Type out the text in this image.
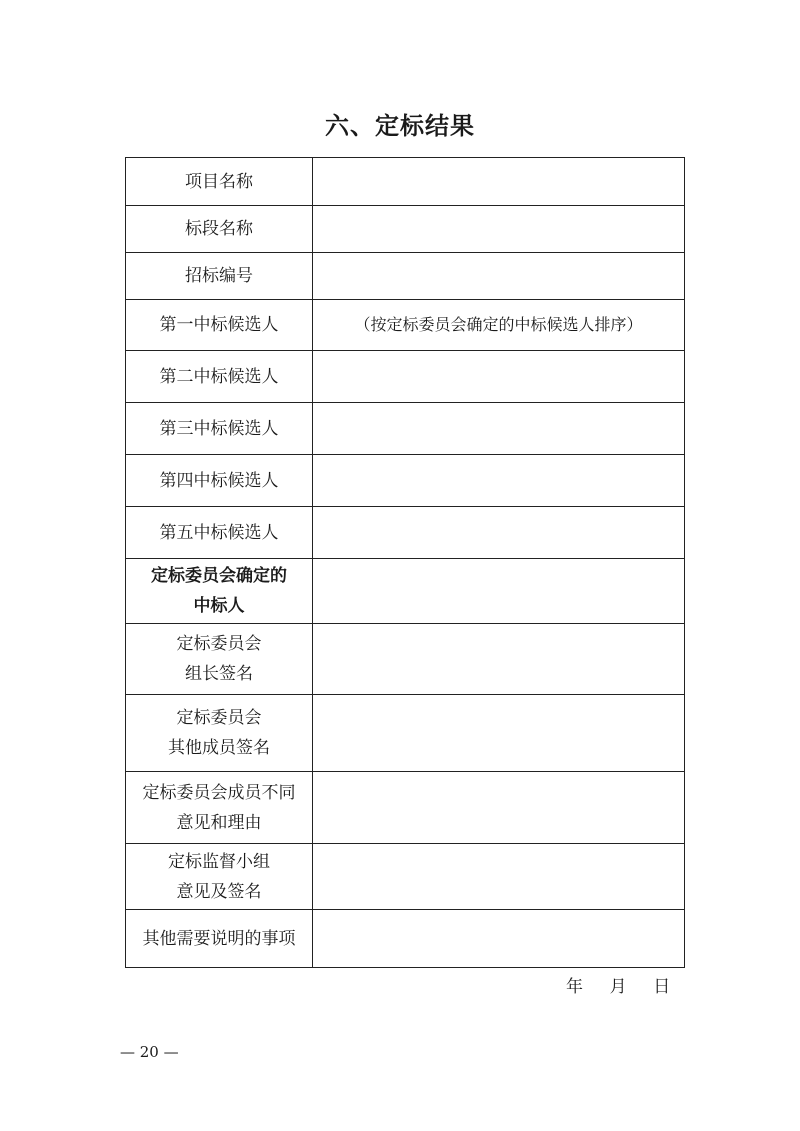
六、定标结果
项目名称	
标段名称	
招标编号	
第一中标候选人	（按定标委员会确定的中标候选人排序）
第二中标候选人	
第三中标候选人	
第四中标候选人	
第五中标候选人	

定标委员会确定的
中标人	

定标委员会
组长签名	

定标委员会
其他成员签名	

定标委员会成员不同
意见和理由	

定标监督小组
意见及签名	

其他需要说明的事项	
年    月    日
— 20 —
